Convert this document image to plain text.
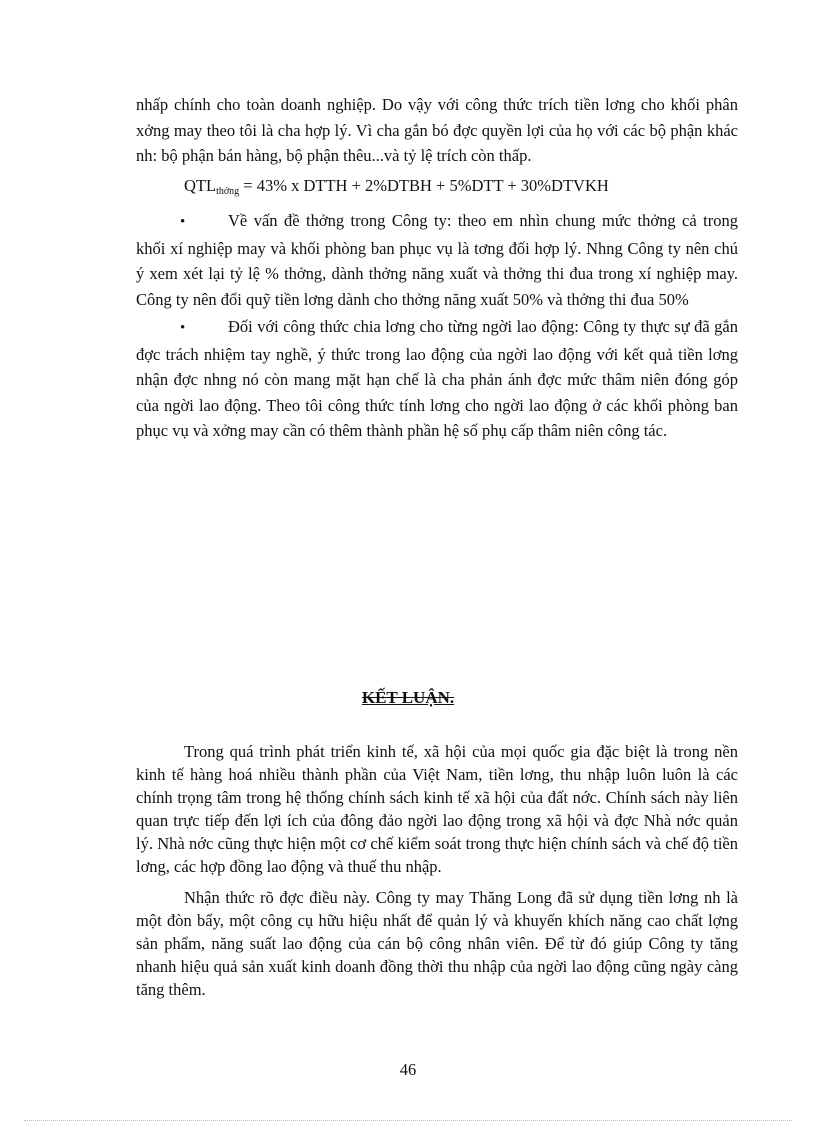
nhấp chính cho toàn doanh nghiệp. Do vậy với công thức trích tiền lơng cho khối phân xởng may theo tôi là cha hợp lý. Vì cha gắn bó đợc quyền lợi của họ với các bộ phận khác nh: bộ phận bán hàng, bộ phận thêu...và tỷ lệ trích còn thấp.

$QTL_{thởng} = 43\%$ x DTTH + 2%DTBH + 5%DTT + 30%DTVKH

•	Về vấn đề thởng trong Công ty: theo em nhìn chung mức thởng cả trong khối xí nghiệp may và khối phòng ban phục vụ là tơng đối hợp lý. Nhng Công ty nên chú ý xem xét lại tỷ lệ % thởng, dành thởng năng xuất và thởng thi đua trong xí nghiệp may. Công ty nên đổi quỹ tiền lơng dành cho thởng năng xuất 50% và thởng thi đua 50%

•	Đối với công thức chia lơng cho từng ngời lao động: Công ty thực sự đã gắn đợc trách nhiệm tay nghề, ý thức trong lao động của ngời lao động với kết quả tiền lơng nhận đợc nhng nó còn mang mặt hạn chế là cha phản ánh đợc mức thâm niên đóng góp của ngời lao động. Theo tôi công thức tính lơng cho ngời lao động ở các khối phòng ban phục vụ và xởng may cần có thêm thành phần hệ số phụ cấp thâm niên công tác.

KẾT LUẬN.

Trong quá trình phát triển kinh tế, xã hội của mọi quốc gia đặc biệt là trong nền kinh tế hàng hoá nhiều thành phần của Việt Nam, tiền lơng, thu nhập luôn luôn là các chính trọng tâm trong hệ thống chính sách kinh tế xã hội của đất nớc. Chính sách này liên quan trực tiếp đến lợi ích của đông đảo ngời lao động trong xã hội và đợc Nhà nớc quản lý. Nhà nớc cũng thực hiện một cơ chế kiểm soát trong thực hiện chính sách và chế độ tiền lơng, các hợp đồng lao động và thuế thu nhập.

Nhận thức rõ đợc điều này. Công ty may Thăng Long đã sử dụng tiền lơng nh là một đòn bẩy, một công cụ hữu hiệu nhất để quản lý và khuyến khích năng cao chất lợng sản phẩm, năng suất lao động của cán bộ công nhân viên. Để từ đó giúp Công ty tăng nhanh hiệu quả sản xuất kinh doanh đồng thời thu nhập của ngời lao động cũng ngày càng tăng thêm.

46
